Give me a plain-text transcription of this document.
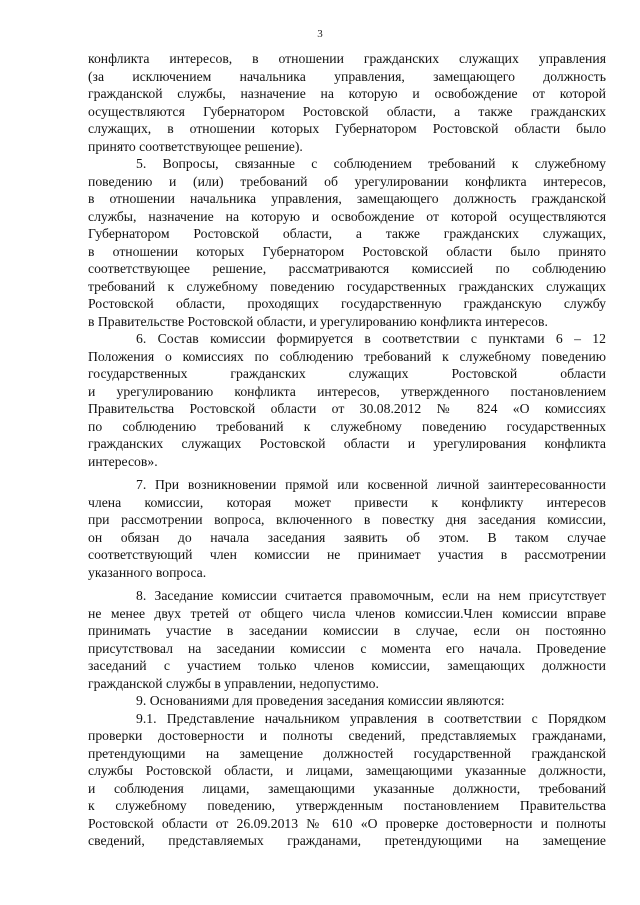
3
конфликта интересов, в отношении гражданских служащих управления
(за исключением начальника управления, замещающего должность
гражданской службы, назначение на которую и освобождение от которой
осуществляются Губернатором Ростовской области, а также гражданских
служащих, в отношении которых Губернатором Ростовской области было
принято соответствующее решение).
5. Вопросы, связанные с соблюдением требований к служебному
поведению и (или) требований об урегулировании конфликта интересов,
в отношении начальника управления, замещающего должность гражданской
службы, назначение на которую и освобождение от которой осуществляются
Губернатором Ростовской области, а также гражданских служащих,
в отношении которых Губернатором Ростовской области было принято
соответствующее решение, рассматриваются комиссией по соблюдению
требований к служебному поведению государственных гражданских служащих
Ростовской области, проходящих государственную гражданскую службу
в Правительстве Ростовской области, и урегулированию конфликта интересов.
6. Состав комиссии формируется в соответствии с пунктами 6 – 12
Положения о комиссиях по соблюдению требований к служебному поведению
государственных гражданских служащих Ростовской области
и урегулированию конфликта интересов, утвержденного постановлением
Правительства Ростовской области от 30.08.2012 № 824 «О комиссиях
по соблюдению требований к служебному поведению государственных
гражданских служащих Ростовской области и урегулирования конфликта
интересов».
7. При возникновении прямой или косвенной личной заинтересованности
члена комиссии, которая может привести к конфликту интересов
при рассмотрении вопроса, включенного в повестку дня заседания комиссии,
он обязан до начала заседания заявить об этом. В таком случае
соответствующий член комиссии не принимает участия в рассмотрении
указанного вопроса.
8. Заседание комиссии считается правомочным, если на нем присутствует
не менее двух третей от общего числа членов комиссии.Член комиссии вправе
принимать участие в заседании комиссии в случае, если он постоянно
присутствовал на заседании комиссии с момента его начала. Проведение
заседаний с участием только членов комиссии, замещающих должности
гражданской службы в управлении, недопустимо.
9. Основаниями для проведения заседания комиссии являются:
9.1. Представление начальником управления в соответствии с Порядком
проверки достоверности и полноты сведений, представляемых гражданами,
претендующими на замещение должностей государственной гражданской
службы Ростовской области, и лицами, замещающими указанные должности,
и соблюдения лицами, замещающими указанные должности, требований
к служебному поведению, утвержденным постановлением Правительства
Ростовской области от 26.09.2013 № 610 «О проверке достоверности и полноты
сведений, представляемых гражданами, претендующими на замещение
